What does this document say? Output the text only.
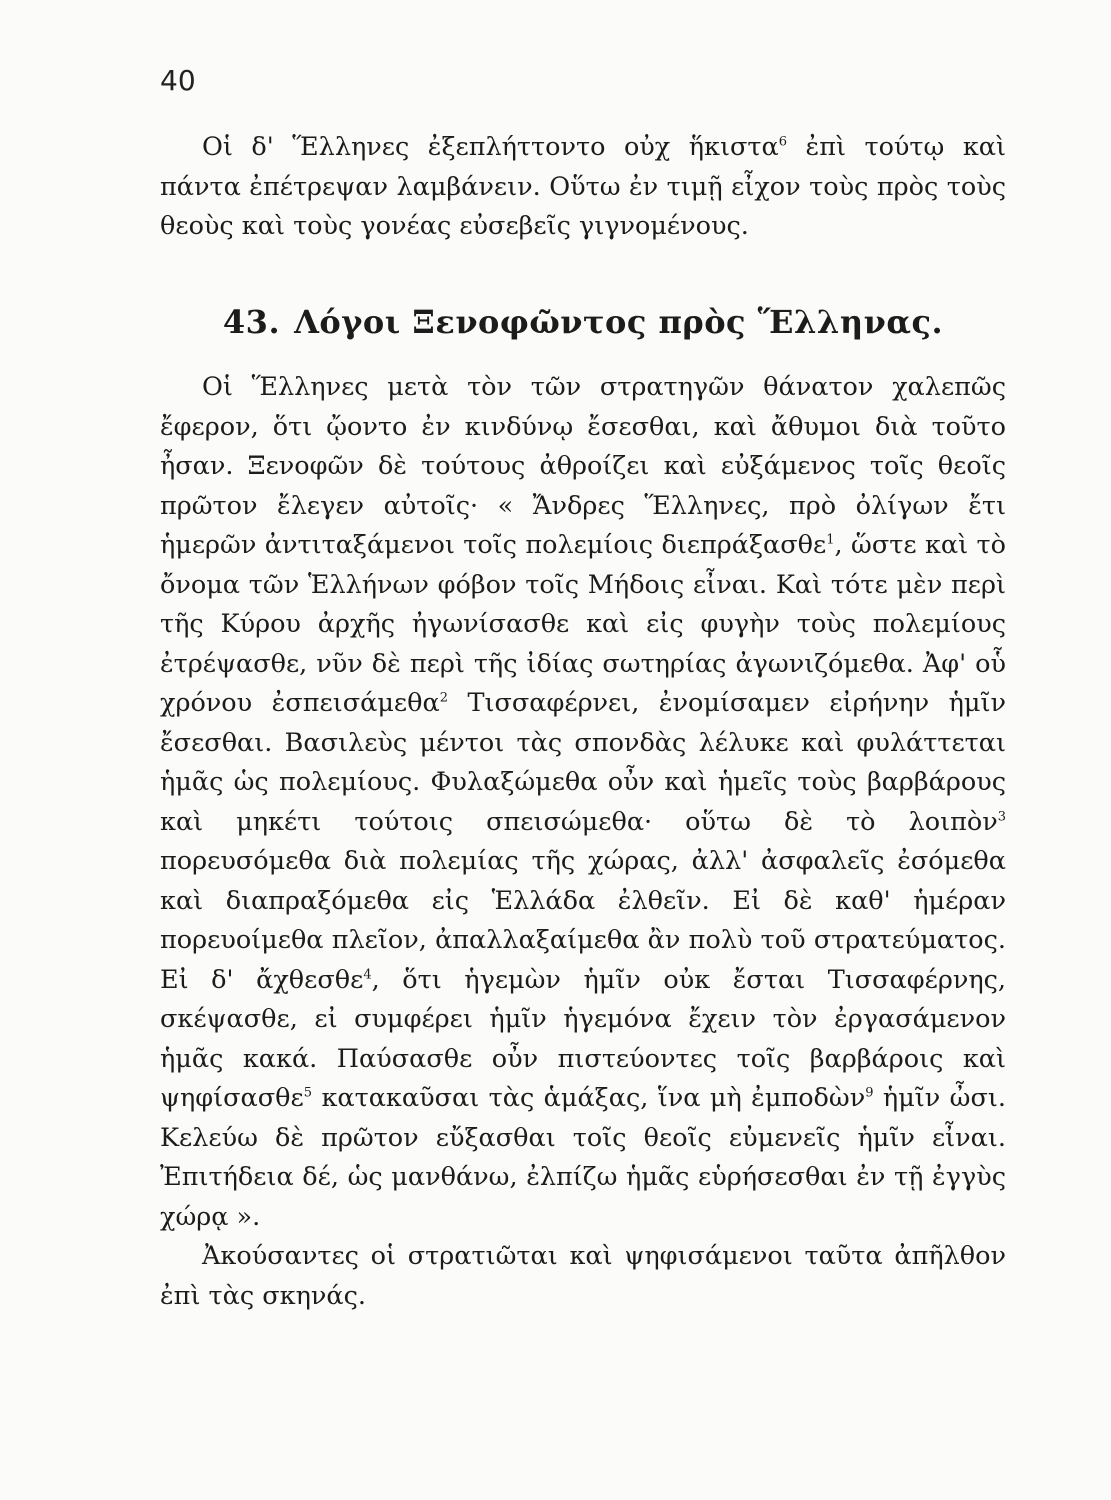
40

Οἱ δ' Ἕλληνες ἐξεπλήττοντο οὐχ ἥκιστα$^6$ ἐπὶ τούτῳ καὶ πάντα ἐπέτρεψαν λαμβάνειν. Οὕτω ἐν τιμῇ εἶχον τοὺς πρὸς τοὺς θεοὺς καὶ τοὺς γονέας εὐσεβεῖς γιγνομένους.

43. Λόγοι Ξενοφῶντος πρὸς Ἕλληνας.

Οἱ Ἕλληνες μετὰ τὸν τῶν στρατηγῶν θάνατον χαλεπῶς ἔφερον, ὅτι ᾤοντο ἐν κινδύνῳ ἔσεσθαι, καὶ ἄθυμοι διὰ τοῦτο ἦσαν. Ξενοφῶν δὲ τούτους ἀθροίζει καὶ εὐξάμενος τοῖς θεοῖς πρῶτον ἔλεγεν αὐτοῖς· « Ἄνδρες Ἕλληνες, πρὸ ὀλίγων ἔτι ἡμερῶν ἀντιταξάμενοι τοῖς πολεμίοις διεπράξασθε$^1$, ὥστε καὶ τὸ ὄνομα τῶν Ἑλλήνων φόβον τοῖς Μήδοις εἶναι. Καὶ τότε μὲν περὶ τῆς Κύρου ἀρχῆς ἠγωνίσασθε καὶ εἰς φυγὴν τοὺς πολεμίους ἐτρέψασθε, νῦν δὲ περὶ τῆς ἰδίας σωτηρίας ἀγωνιζόμεθα. Ἀφ' οὗ χρόνου ἐσπεισάμεθα$^2$ Τισσαφέρνει, ἐνομίσαμεν εἰρήνην ἡμῖν ἔσεσθαι. Βασιλεὺς μέντοι τὰς σπονδὰς λέλυκε καὶ φυλάττεται ἡμᾶς ὡς πολεμίους. Φυλαξώμεθα οὖν καὶ ἡμεῖς τοὺς βαρβάρους καὶ μηκέτι τούτοις σπεισώμεθα· οὕτω δὲ τὸ λοιπὸν$^3$ πορευσόμεθα διὰ πολεμίας τῆς χώρας, ἀλλ' ἀσφαλεῖς ἐσόμεθα καὶ διαπραξόμεθα εἰς Ἑλλάδα ἐλθεῖν. Εἰ δὲ καθ' ἡμέραν πορευοίμεθα πλεῖον, ἀπαλλαξαίμεθα ἂν πολὺ τοῦ στρατεύματος. Εἰ δ' ἄχθεσθε$^4$, ὅτι ἡγεμὼν ἡμῖν οὐκ ἔσται Τισσαφέρνης, σκέψασθε, εἰ συμφέρει ἡμῖν ἡγεμόνα ἔχειν τὸν ἐργασάμενον ἡμᾶς κακά. Παύσασθε οὖν πιστεύοντες τοῖς βαρβάροις καὶ ψηφίσασθε$^5$ κατακαῦσαι τὰς ἁμάξας, ἵνα μὴ ἐμποδὼν$^9$ ἡμῖν ὦσι. Κελεύω δὲ πρῶτον εὔξασθαι τοῖς θεοῖς εὐμενεῖς ἡμῖν εἶναι. Ἐπιτήδεια δέ, ὡς μανθάνω, ἐλπίζω ἡμᾶς εὑρήσεσθαι ἐν τῇ ἐγγὺς χώρᾳ ».

Ἀκούσαντες οἱ στρατιῶται καὶ ψηφισάμενοι ταῦτα ἀπῆλθον ἐπὶ τὰς σκηνάς.
